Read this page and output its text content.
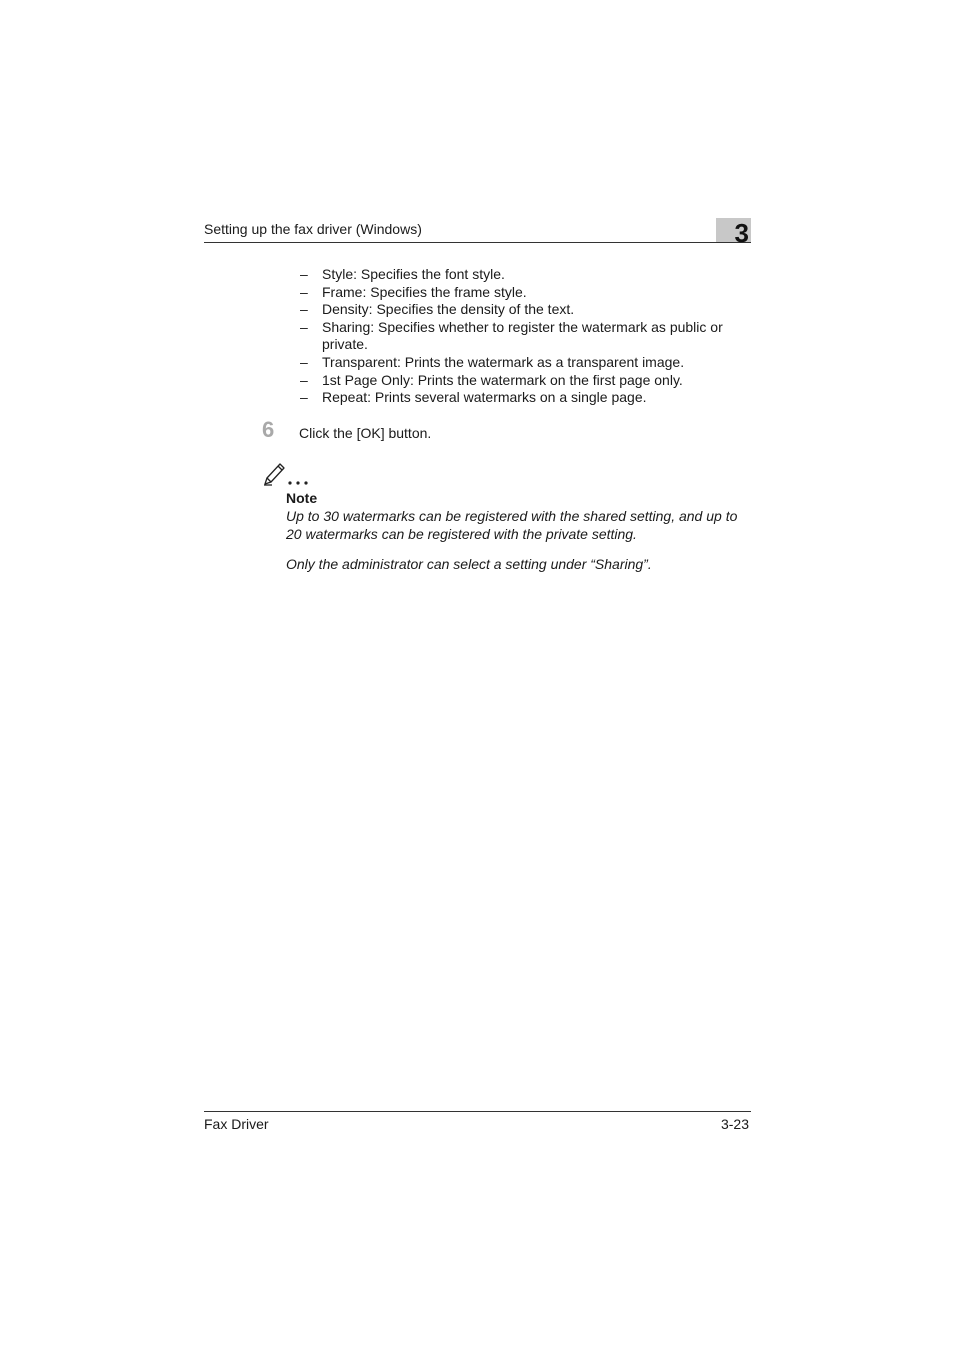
Setting up the fax driver (Windows)	3
– Style: Specifies the font style.
– Frame: Specifies the frame style.
– Density: Specifies the density of the text.
– Sharing: Specifies whether to register the watermark as public or private.
– Transparent: Prints the watermark as a transparent image.
– 1st Page Only: Prints the watermark on the first page only.
– Repeat: Prints several watermarks on a single page.
6 Click the [OK] button.
Note

Up to 30 watermarks can be registered with the shared setting, and up to 20 watermarks can be registered with the private setting.

Only the administrator can select a setting under “Sharing”.

Fax Driver	3-23
